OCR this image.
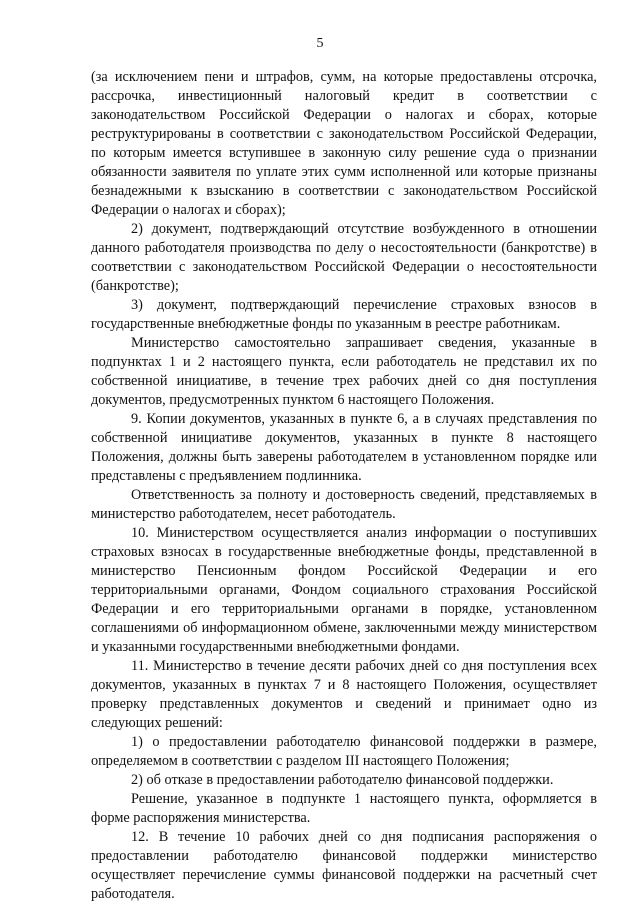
5

(за исключением пени и штрафов, сумм, на которые предоставлены отсрочка, рассрочка, инвестиционный налоговый кредит в соответствии с законодательством Российской Федерации о налогах и сборах, которые реструктурированы в соответствии с законодательством Российской Федерации, по которым имеется вступившее в законную силу решение суда о признании обязанности заявителя по уплате этих сумм исполненной или которые признаны безнадежными к взысканию в соответствии с законодательством Российской Федерации о налогах и сборах);

2) документ, подтверждающий отсутствие возбужденного в отношении данного работодателя производства по делу о несостоятельности (банкротстве) в соответствии с законодательством Российской Федерации о несостоятельности (банкротстве);

3) документ, подтверждающий перечисление страховых взносов в государственные внебюджетные фонды по указанным в реестре работникам.

Министерство самостоятельно запрашивает сведения, указанные в подпунктах 1 и 2 настоящего пункта, если работодатель не представил их по собственной инициативе, в течение трех рабочих дней со дня поступления документов, предусмотренных пунктом 6 настоящего Положения.

9. Копии документов, указанных в пункте 6, а в случаях представления по собственной инициативе документов, указанных в пункте 8 настоящего Положения, должны быть заверены работодателем в установленном порядке или представлены с предъявлением подлинника.

Ответственность за полноту и достоверность сведений, представляемых в министерство работодателем, несет работодатель.

10. Министерством осуществляется анализ информации о поступивших страховых взносах в государственные внебюджетные фонды, представленной в министерство Пенсионным фондом Российской Федерации и его территориальными органами, Фондом социального страхования Российской Федерации и его территориальными органами в порядке, установленном соглашениями об информационном обмене, заключенными между министерством и указанными государственными внебюджетными фондами.

11. Министерство в течение десяти рабочих дней со дня поступления всех документов, указанных в пунктах 7 и 8 настоящего Положения, осуществляет проверку представленных документов и сведений и принимает одно из следующих решений:

1) о предоставлении работодателю финансовой поддержки в размере, определяемом в соответствии с разделом III настоящего Положения;

2) об отказе в предоставлении работодателю финансовой поддержки.

Решение, указанное в подпункте 1 настоящего пункта, оформляется в форме распоряжения министерства.

12. В течение 10 рабочих дней со дня подписания распоряжения о предоставлении работодателю финансовой поддержки министерство осуществляет перечисление суммы финансовой поддержки на расчетный счет работодателя.
